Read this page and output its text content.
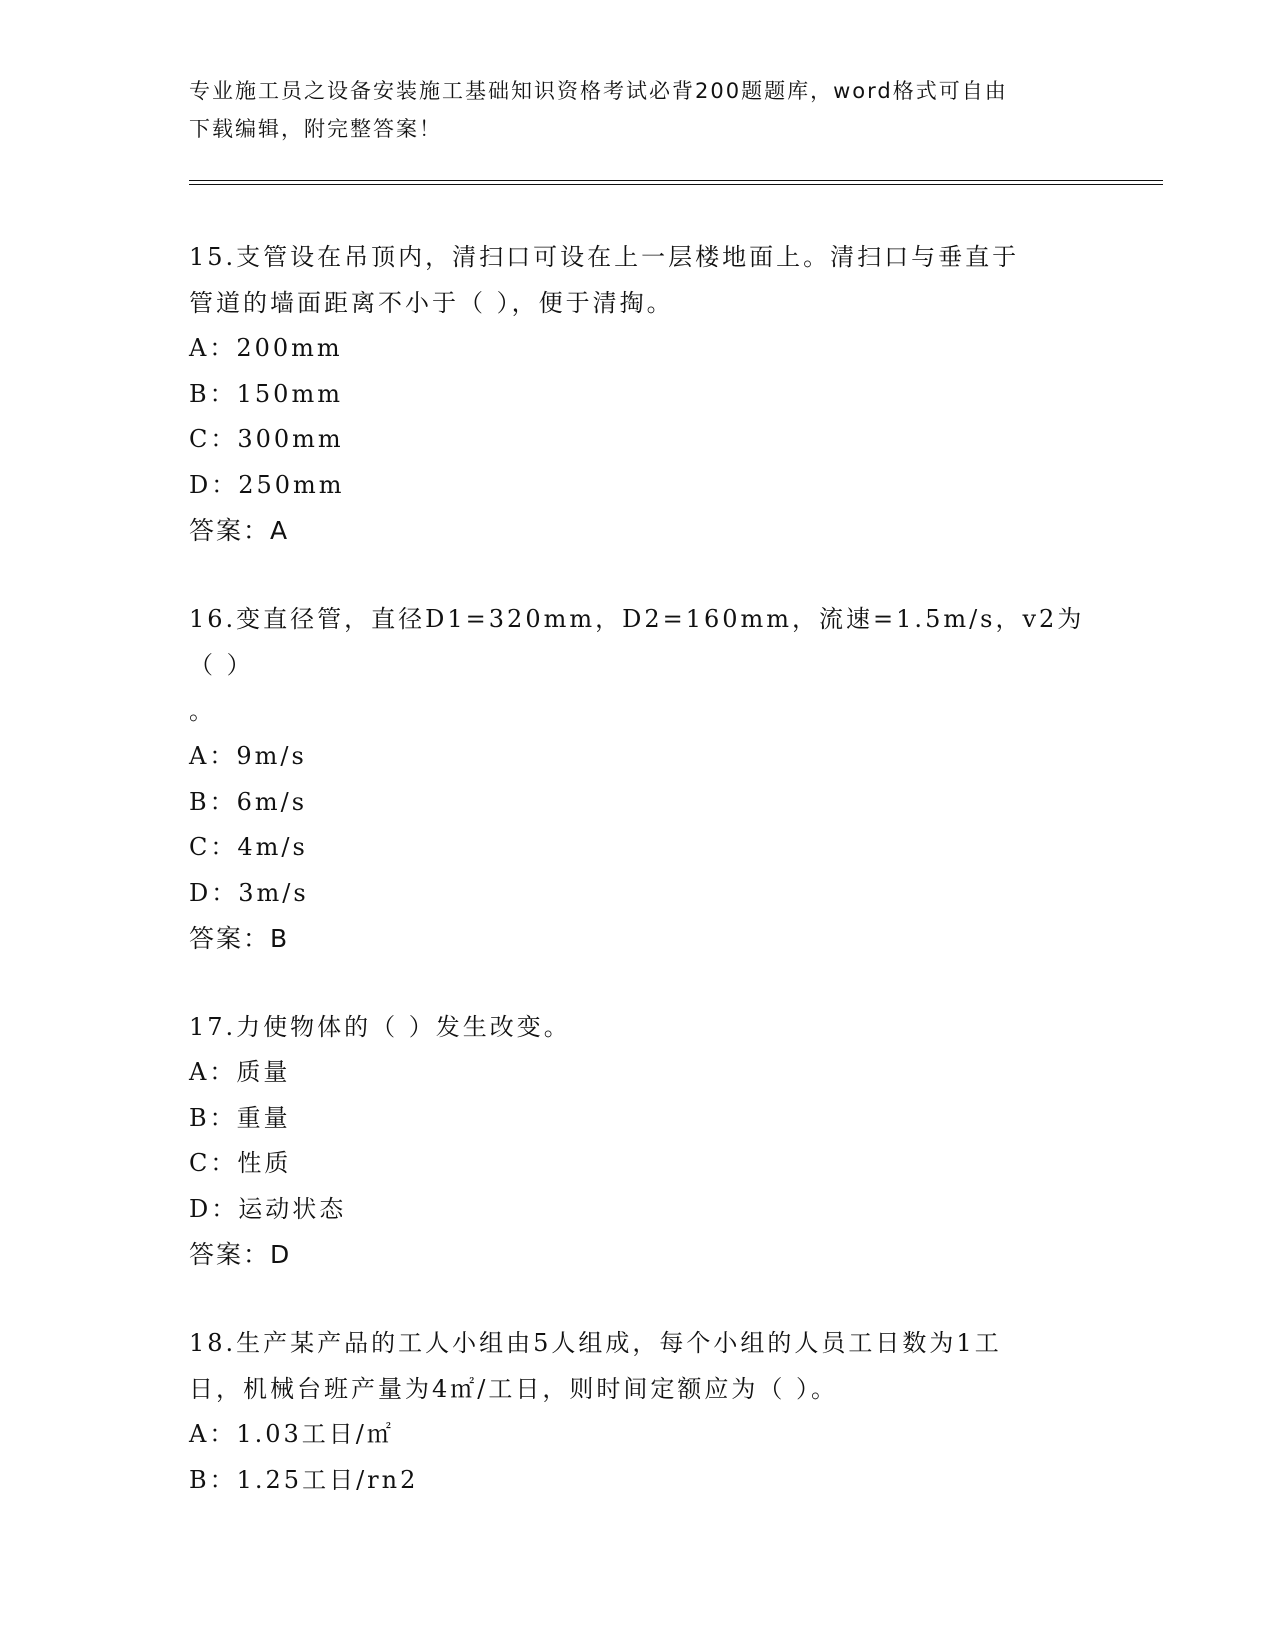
专业施工员之设备安装施工基础知识资格考试必背200题题库，word格式可自由
下载编辑，附完整答案！
15.支管设在吊顶内，清扫口可设在上一层楼地面上。清扫口与垂直于
管道的墙面距离不小于（ ），便于清掏。
A：200mm
B：150mm
C：300mm
D：250mm
答案：A
16.变直径管，直径D1=320mm，D2=160mm，流速=1.5m/s，v2为（ ）
。
A：9m/s
B：6m/s
C：4m/s
D：3m/s
答案：B
17.力使物体的（ ）发生改变。
A：质量
B：重量
C：性质
D：运动状态
答案：D
18.生产某产品的工人小组由5人组成，每个小组的人员工日数为1工
日，机械台班产量为4㎡/工日，则时间定额应为（ ）。
A：1.03工日/㎡
B：1.25工日/rn2
